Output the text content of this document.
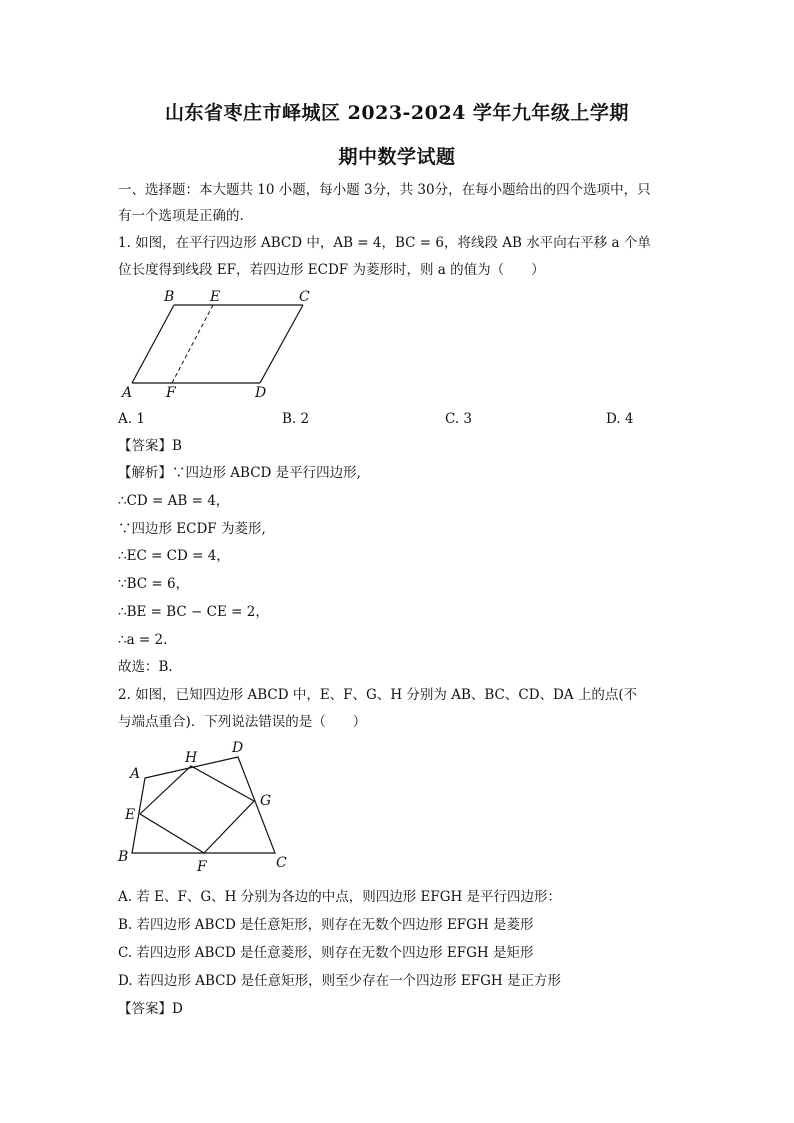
山东省枣庄市峄城区 2023-2024 学年九年级上学期
期中数学试题
一、选择题：本大题共 10 小题，每小题 3分，共 30分，在每小题给出的四个选项中，只
有一个选项是正确的.
1. 如图，在平行四边形 ABCD 中，AB = 4，BC = 6，将线段 AB 水平向右平移 a 个单
位长度得到线段 EF，若四边形 ECDF 为菱形时，则 a 的值为（　　）
B	E	C
A F	D
A. 1	B. 2	C. 3	D. 4
【答案】B
【解析】∵四边形 ABCD 是平行四边形,
∴CD = AB = 4，
∵四边形 ECDF 为菱形,
∴EC = CD = 4，
∵BC = 6，
∴BE = BC − CE = 2，
∴a = 2.
故选：B.
2. 如图，已知四边形 ABCD 中，E、F、G、H 分别为 AB、BC、CD、DA 上的点(不
与端点重合)．下列说法错误的是（　　）
A
H
D
E
G
B
F	C
A. 若 E、F、G、H 分别为各边的中点，则四边形 EFGH 是平行四边形：
B. 若四边形 ABCD 是任意矩形，则存在无数个四边形 EFGH 是菱形
C. 若四边形 ABCD 是任意菱形，则存在无数个四边形 EFGH 是矩形
D. 若四边形 ABCD 是任意矩形，则至少存在一个四边形 EFGH 是正方形
【答案】D
